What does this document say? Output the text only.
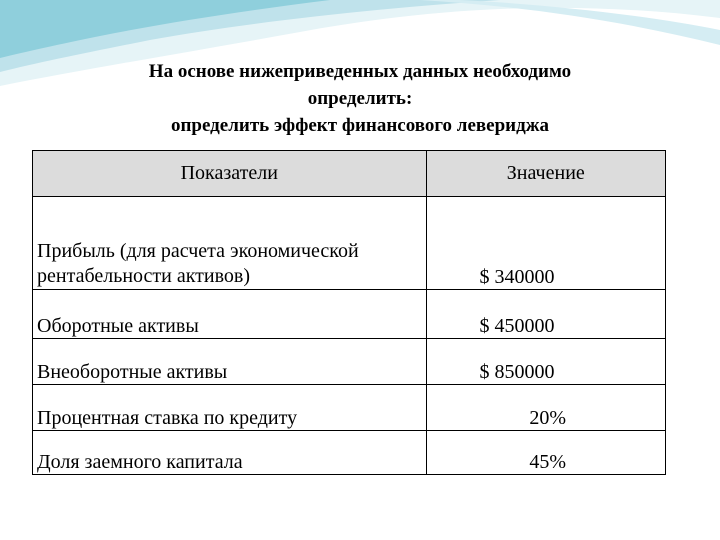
На основе нижеприведенных данных необходимо
определить:
определить эффект финансового левериджа
Показатели	Значение

Прибыль (для расчета экономической
рентабельности активов)	$ 340000
Оборотные активы	$ 450000
Внеоборотные активы	$ 850000
Процентная ставка по кредиту	20%
Доля заемного капитала	45%
